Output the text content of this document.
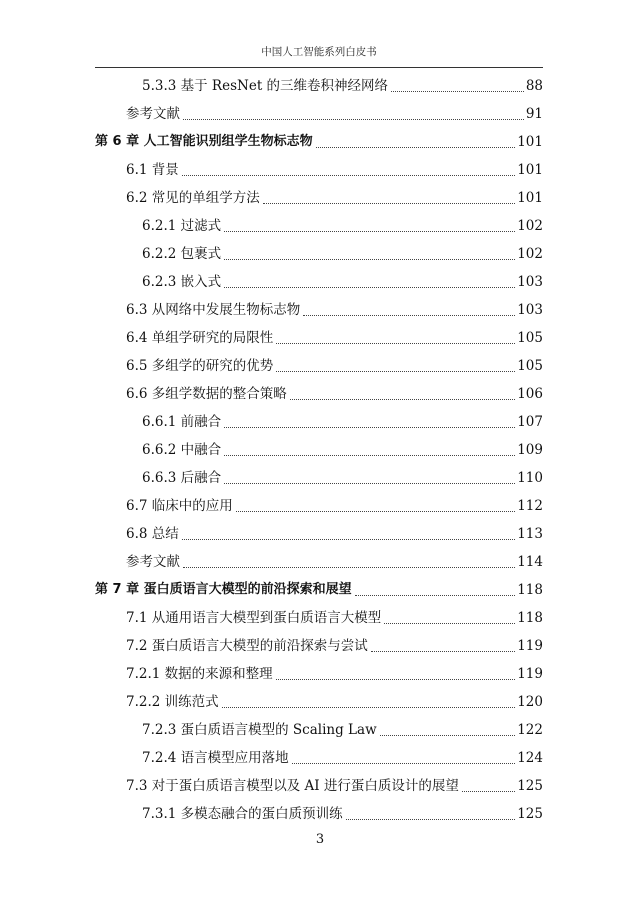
中国人工智能系列白皮书
5.3.3 基于 ResNet 的三维卷积神经网络	88
参考文献	91
第 6 章 人工智能识别组学生物标志物	101
6.1 背景	101
6.2 常见的单组学方法	101
6.2.1 过滤式	102
6.2.2 包裹式	102
6.2.3 嵌入式	103
6.3 从网络中发展生物标志物	103
6.4 单组学研究的局限性	105
6.5 多组学的研究的优势	105
6.6 多组学数据的整合策略	106
6.6.1 前融合	107
6.6.2 中融合	109
6.6.3 后融合	110
6.7 临床中的应用	112
6.8 总结	113
参考文献	114
第 7 章 蛋白质语言大模型的前沿探索和展望	118
7.1 从通用语言大模型到蛋白质语言大模型	118
7.2 蛋白质语言大模型的前沿探索与尝试	119
7.2.1 数据的来源和整理	119
7.2.2 训练范式	120
7.2.3 蛋白质语言模型的 Scaling Law	122
7.2.4 语言模型应用落地	124
7.3 对于蛋白质语言模型以及 AI 进行蛋白质设计的展望	125
7.3.1 多模态融合的蛋白质预训练	125
3
